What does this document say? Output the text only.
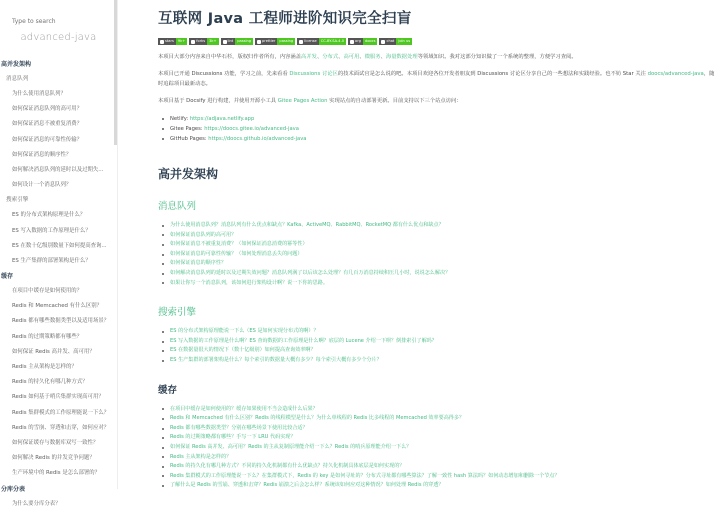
Type to search
advanced-java
高并发架构
消息队列
为什么使用消息队列？
如何保证消息队列的高可用？
如何保证消息不被重复消费？
如何保证消息的可靠性传输？
如何保证消息的顺序性？
如何解决消息队列的延时以及过期失...
如何设计一个消息队列？
搜索引擎
ES 的分布式架构原理是什么？
ES 写入数据的工作原理是什么？
ES 在数十亿级别数量下如何提高查询...
ES 生产集群的部署架构是什么？
缓存
在项目中缓存是如何使用的？
Redis 和 Memcached 有什么区别？
Redis 都有哪些数据类型以及适用场景？
Redis 的过期策略都有哪些？
如何保证 Redis 高并发、高可用？
Redis 主从架构是怎样的？
Redis 的持久化有哪几种方式？
Redis 如何基于哨兵集群实现高可用？
Redis 集群模式的工作原理能说一下么？
Redis 的雪崩、穿透和击穿，如何应对？
如何保证缓存与数据库双写一致性？
如何解决 Redis 的并发竞争问题？
生产环境中的 Redis 是怎么部署的？
分库分表
为什么要分库分表？
互联网 Java 工程师进阶知识完全扫盲
stars	9k+	forks	3k+	lint	passing	prettier	passing	license	CC-BY-SA-4.0	org	doocs	chat	join us

本项目大部分内容来自中华石杉，版权归作者所有，内容涵盖高并发、分布式、高可用、微服务、海量数据处理等领域知识。我对这部分知识做了一个系统的整理，方便学习查阅。

本项目已开通 Discussions 功能，学习之前，先来看看 Discussions 讨论区的技术面试官是怎么说的吧。本项目欢迎各位开发者朋友到 Discussions 讨论区分享自己的一些想法和实践经验。也不妨 Star 关注 doocs/advanced-java，随时追踪项目最新动态。

本项目基于 Docsify 进行构建，并使用开源小工具 Gitee Pages Action 实现站点的自动部署更新。目前支持以下三个站点访问：

Netlify: https://adjava.netlify.app
Gitee Pages: https://doocs.gitee.io/advanced-java
GitHub Pages: https://doocs.github.io/advanced-java
高并发架构
消息队列
为什么使用消息队列？消息队列有什么优点和缺点？Kafka、ActiveMQ、RabbitMQ、RocketMQ 都有什么优点和缺点？
如何保证消息队列的高可用？
如何保证消息不被重复消费？（如何保证消息消费的幂等性）
如何保证消息的可靠性传输？（如何处理消息丢失的问题）
如何保证消息的顺序性？
如何解决消息队列的延时以及过期失效问题？消息队列满了以后该怎么处理？有几百万消息持续积压几小时，说说怎么解决？
如果让你写一个消息队列，该如何进行架构设计啊？说一下你的思路。
搜索引擎
ES 的分布式架构原理能说一下么（ES 是如何实现分布式的啊）？
ES 写入数据的工作原理是什么啊？ES 查询数据的工作原理是什么啊？底层的 Lucene 介绍一下呗？倒排索引了解吗？
ES 在数据量很大的情况下（数十亿级别）如何提高查询效率啊？
ES 生产集群的部署架构是什么？每个索引的数据量大概有多少？每个索引大概有多少个分片？
缓存
在项目中缓存是如何使用的？缓存如果使用不当会造成什么后果？
Redis 和 Memcached 有什么区别？Redis 的线程模型是什么？为什么单线程的 Redis 比多线程的 Memcached 效率要高得多？
Redis 都有哪些数据类型？分别在哪些场景下使用比较合适？
Redis 的过期策略都有哪些？手写一下 LRU 代码实现？
如何保证 Redis 高并发、高可用？Redis 的主从复制原理能介绍一下么？Redis 的哨兵原理能介绍一下么？
Redis 主从架构是怎样的？
Redis 的持久化有哪几种方式？不同的持久化机制都有什么优缺点？持久化机制具体底层是如何实现的？
Redis 集群模式的工作原理能说一下么？在集群模式下，Redis 的 key 是如何寻址的？分布式寻址都有哪些算法？了解一致性 hash 算法吗？如何动态增加和删除一个节点？
了解什么是 Redis 的雪崩、穿透和击穿？Redis 崩溃之后会怎么样？系统该如何应对这种情况？如何处理 Redis 的穿透？
